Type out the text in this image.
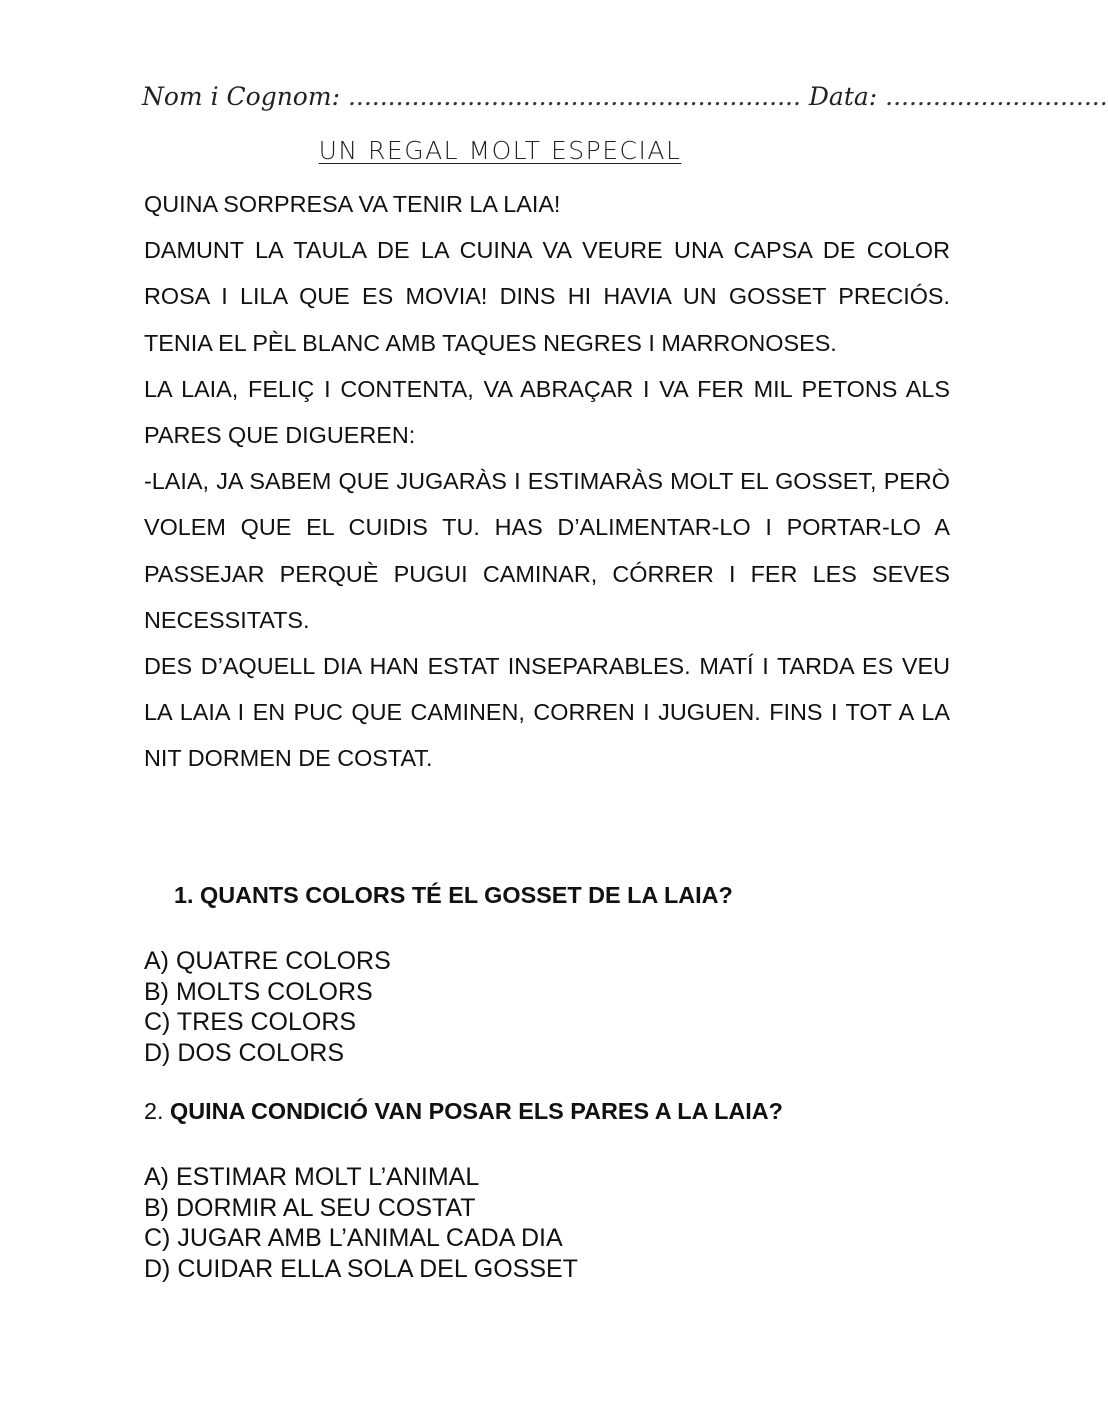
Nom i Cognom: ......................................................... Data: ............................
UN REGAL MOLT ESPECIAL

QUINA SORPRESA VA TENIR LA LAIA!

DAMUNT LA TAULA DE LA CUINA VA VEURE UNA CAPSA DE COLOR ROSA I LILA QUE ES MOVIA! DINS HI HAVIA UN GOSSET PRECIÓS. TENIA EL PÈL BLANC AMB TAQUES NEGRES I MARRONOSES.

LA LAIA, FELIÇ I CONTENTA, VA ABRAÇAR I VA FER MIL PETONS ALS PARES QUE DIGUEREN:

-LAIA, JA SABEM QUE JUGARÀS I ESTIMARÀS MOLT EL GOSSET, PERÒ VOLEM QUE EL CUIDIS TU. HAS D’ALIMENTAR-LO I PORTAR-LO A PASSEJAR PERQUÈ PUGUI CAMINAR, CÓRRER I FER LES SEVES NECESSITATS.

DES D’AQUELL DIA HAN ESTAT INSEPARABLES. MATÍ I TARDA ES VEU LA LAIA I EN PUC QUE CAMINEN, CORREN I JUGUEN. FINS I TOT A LA NIT DORMEN DE COSTAT.

1. QUANTS COLORS TÉ EL GOSSET DE LA LAIA?
A) QUATRE COLORS
B) MOLTS COLORS
C) TRES COLORS
D) DOS COLORS
2. QUINA CONDICIÓ VAN POSAR ELS PARES A LA LAIA?
A) ESTIMAR MOLT L’ANIMAL
B) DORMIR AL SEU COSTAT
C) JUGAR AMB L’ANIMAL CADA DIA
D) CUIDAR ELLA SOLA DEL GOSSET
